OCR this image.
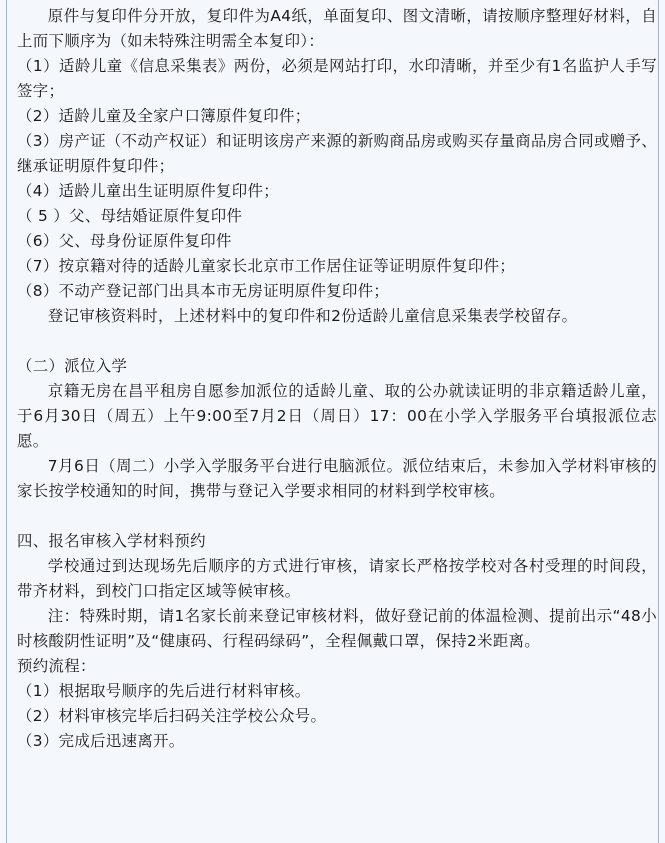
原件与复印件分开放，复印件为A4纸，单面复印、图文清晰，请按顺序整理好材料，自上而下顺序为（如未特殊注明需全本复印）：

（1）适龄儿童《信息采集表》两份，必须是网站打印，水印清晰，并至少有1名监护人手写签字；

（2）适龄儿童及全家户口簿原件复印件；

（3）房产证（不动产权证）和证明该房产来源的新购商品房或购买存量商品房合同或赠予、继承证明原件复印件；

（4）适龄儿童出生证明原件复印件；

（ 5 ）父、母结婚证原件复印件

（6）父、母身份证原件复印件

（7）按京籍对待的适龄儿童家长北京市工作居住证等证明原件复印件；

（8）不动产登记部门出具本市无房证明原件复印件；

登记审核资料时，上述材料中的复印件和2份适龄儿童信息采集表学校留存。

（二）派位入学

京籍无房在昌平租房自愿参加派位的适龄儿童、取的公办就读证明的非京籍适龄儿童，于6月30日（周五）上午9:00至7月2日（周日）17：00在小学入学服务平台填报派位志愿。

7月6日（周二）小学入学服务平台进行电脑派位。派位结束后，未参加入学材料审核的家长按学校通知的时间，携带与登记入学要求相同的材料到学校审核。

四、报名审核入学材料预约

学校通过到达现场先后顺序的方式进行审核，请家长严格按学校对各村受理的时间段，带齐材料，到校门口指定区域等候审核。

注：特殊时期，请1名家长前来登记审核材料，做好登记前的体温检测、提前出示“48小时核酸阴性证明”及“健康码、行程码绿码”，全程佩戴口罩，保持2米距离。

预约流程：

（1）根据取号顺序的先后进行材料审核。

（2）材料审核完毕后扫码关注学校公众号。

（3）完成后迅速离开。
